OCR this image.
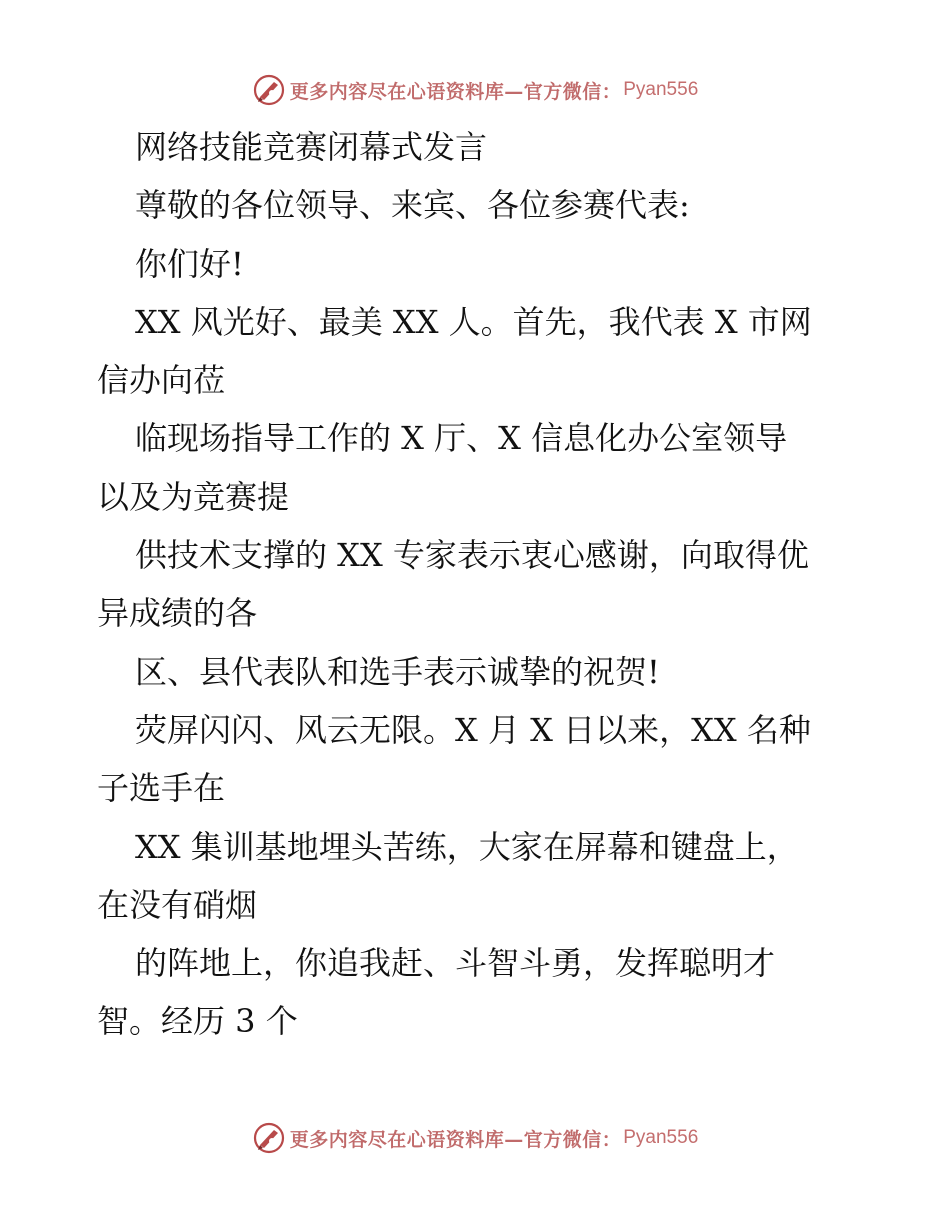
更多内容尽在心语资料库—官方微信： Pyan556
网络技能竞赛闭幕式发言
尊敬的各位领导、来宾、各位参赛代表:
你们好!
XX 风光好、最美 XX 人。首先，我代表 X 市网
信办向莅
临现场指导工作的 X 厅、X 信息化办公室领导
以及为竞赛提
供技术支撑的 XX 专家表示衷心感谢，向取得优
异成绩的各
区、县代表队和选手表示诚挚的祝贺!
荧屏闪闪、风云无限。X 月 X 日以来，XX 名种
子选手在
XX 集训基地埋头苦练，大家在屏幕和键盘上，
在没有硝烟
的阵地上，你追我赶、斗智斗勇，发挥聪明才
智。经历 3 个
更多内容尽在心语资料库—官方微信： Pyan556
